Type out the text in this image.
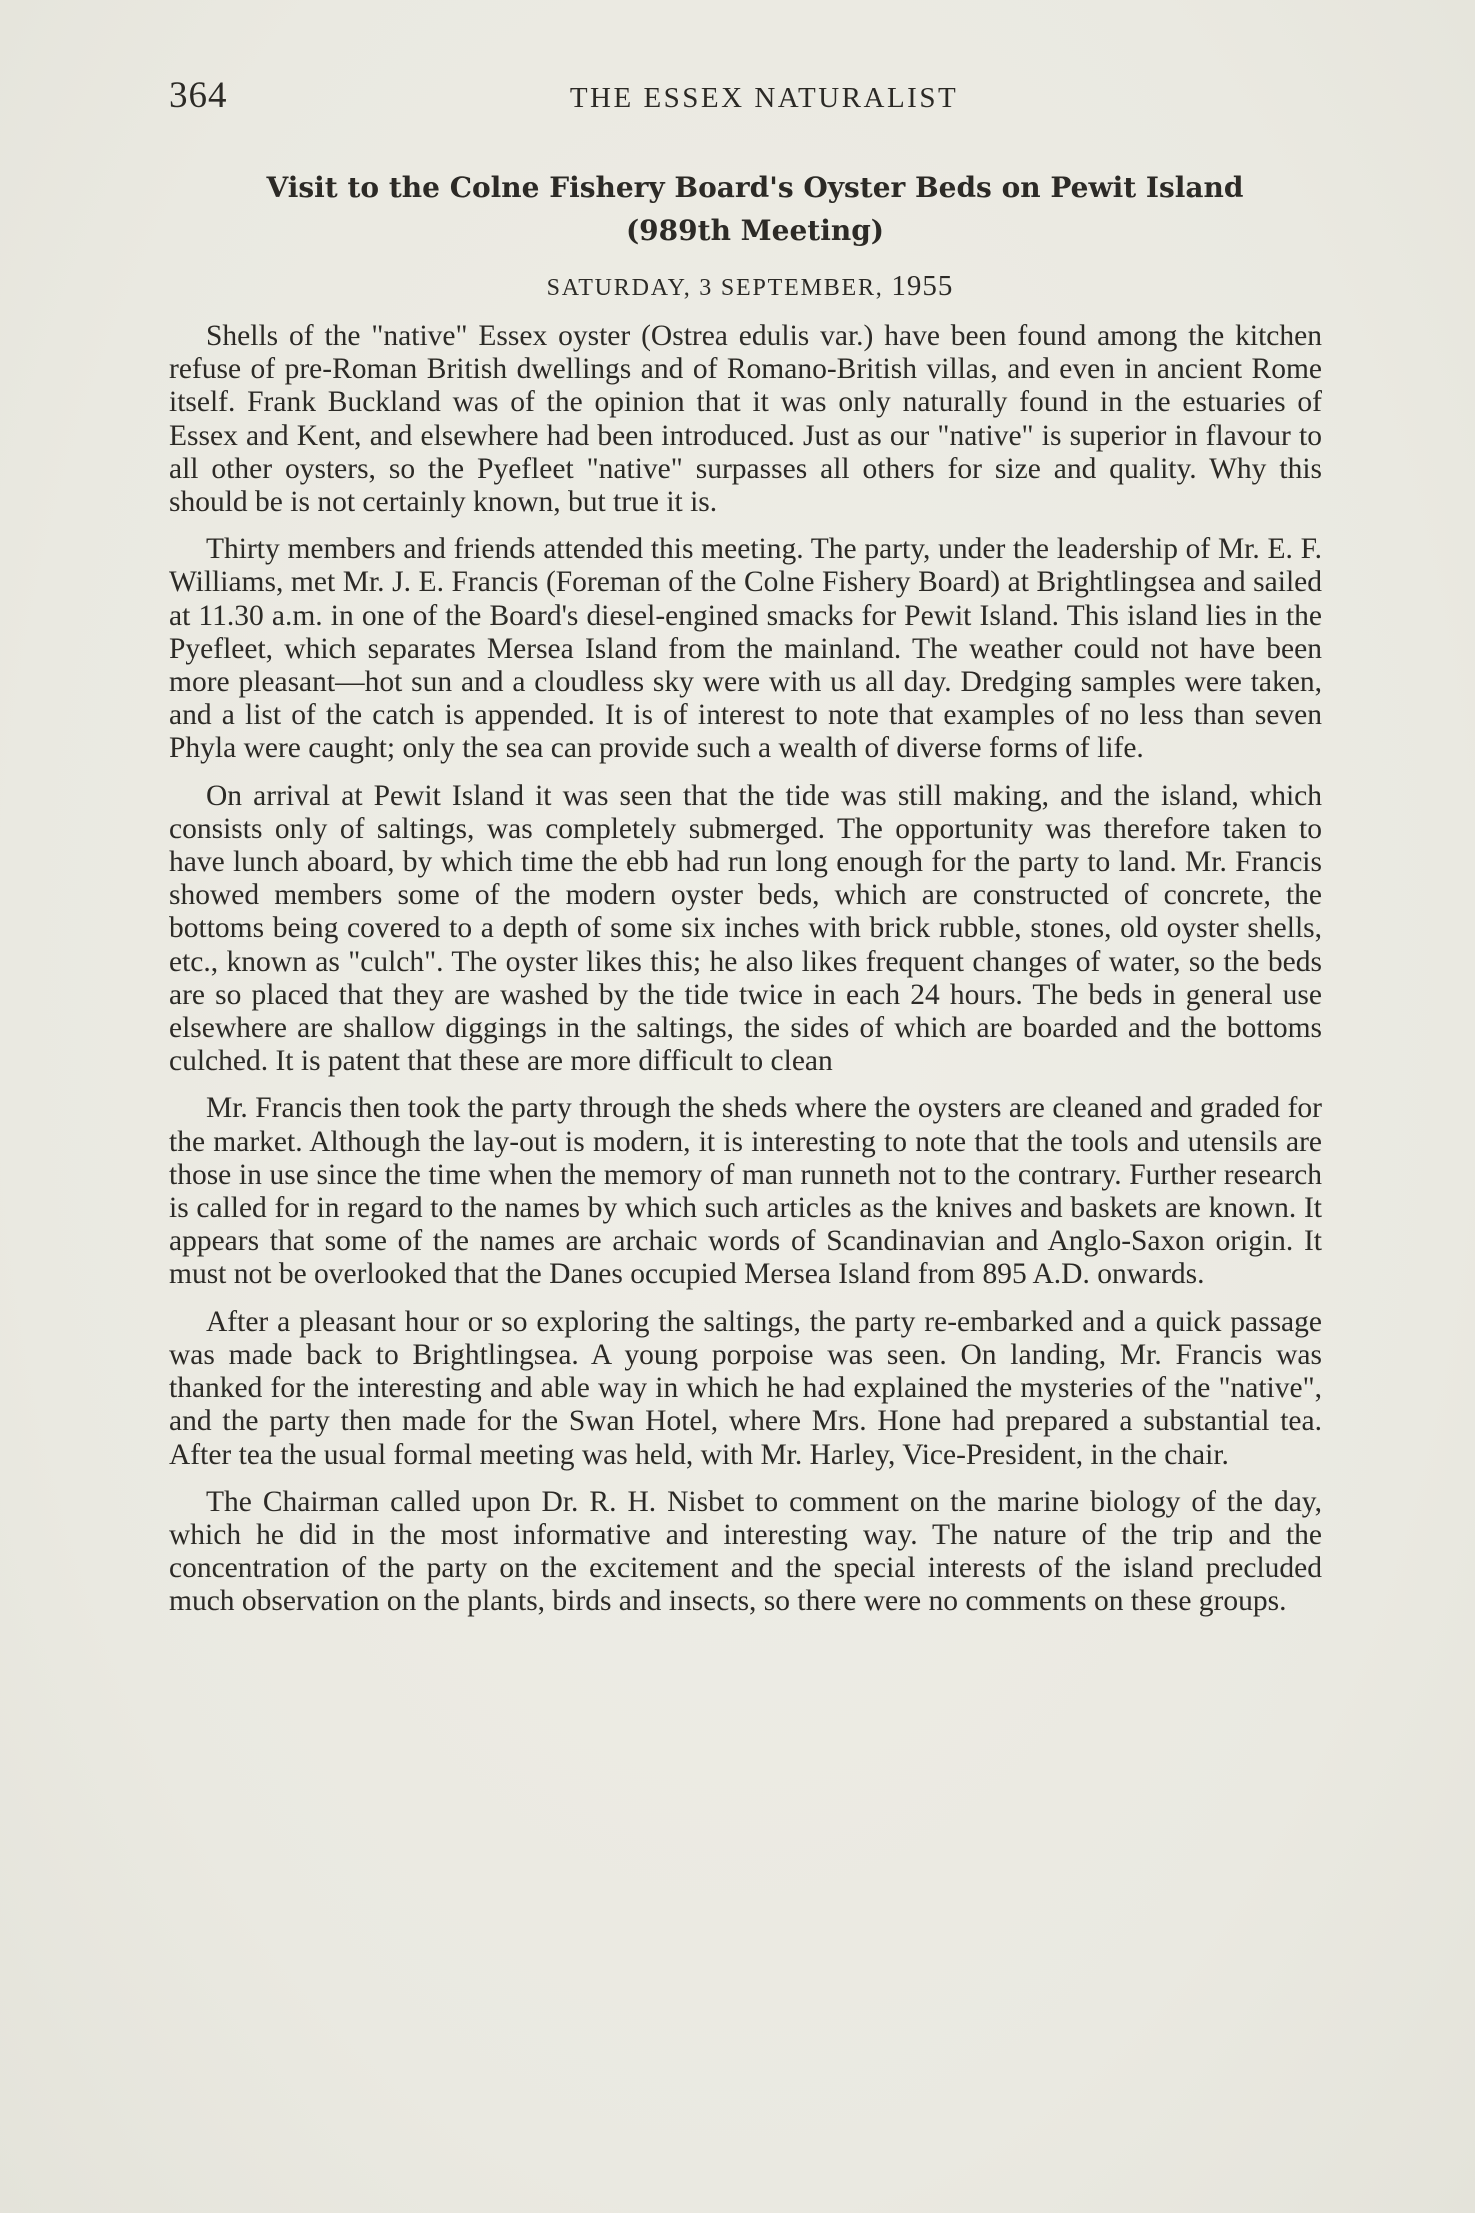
364	THE ESSEX NATURALIST
Visit to the Colne Fishery Board's Oyster Beds on Pewit Island
(989th Meeting)
SATURDAY, 3 SEPTEMBER, 1955

Shells of the "native" Essex oyster (Ostrea edulis var.) have been found among the kitchen refuse of pre-Roman British dwellings and of Romano-British villas, and even in ancient Rome itself. Frank Buckland was of the opinion that it was only naturally found in the estuaries of Essex and Kent, and elsewhere had been introduced. Just as our "native" is superior in flavour to all other oysters, so the Pyefleet "native" surpasses all others for size and quality. Why this should be is not certainly known, but true it is.

Thirty members and friends attended this meeting. The party, under the leadership of Mr. E. F. Williams, met Mr. J. E. Francis (Foreman of the Colne Fishery Board) at Brightlingsea and sailed at 11.30 a.m. in one of the Board's diesel-engined smacks for Pewit Island. This island lies in the Pyefleet, which separates Mersea Island from the mainland. The weather could not have been more pleasant—hot sun and a cloudless sky were with us all day. Dredging samples were taken, and a list of the catch is appended. It is of interest to note that examples of no less than seven Phyla were caught; only the sea can provide such a wealth of diverse forms of life.

On arrival at Pewit Island it was seen that the tide was still making, and the island, which consists only of saltings, was completely submerged. The opportunity was therefore taken to have lunch aboard, by which time the ebb had run long enough for the party to land. Mr. Francis showed members some of the modern oyster beds, which are constructed of concrete, the bottoms being covered to a depth of some six inches with brick rubble, stones, old oyster shells, etc., known as "culch". The oyster likes this; he also likes frequent changes of water, so the beds are so placed that they are washed by the tide twice in each 24 hours. The beds in general use elsewhere are shallow diggings in the saltings, the sides of which are boarded and the bottoms culched. It is patent that these are more difficult to clean

Mr. Francis then took the party through the sheds where the oysters are cleaned and graded for the market. Although the lay-out is modern, it is interesting to note that the tools and utensils are those in use since the time when the memory of man runneth not to the contrary. Further research is called for in regard to the names by which such articles as the knives and baskets are known. It appears that some of the names are archaic words of Scandinavian and Anglo-Saxon origin. It must not be overlooked that the Danes occupied Mersea Island from 895 A.D. onwards.

After a pleasant hour or so exploring the saltings, the party re-embarked and a quick passage was made back to Brightlingsea. A young porpoise was seen. On landing, Mr. Francis was thanked for the interesting and able way in which he had explained the mysteries of the "native", and the party then made for the Swan Hotel, where Mrs. Hone had prepared a substantial tea. After tea the usual formal meeting was held, with Mr. Harley, Vice-President, in the chair.

The Chairman called upon Dr. R. H. Nisbet to comment on the marine biology of the day, which he did in the most informative and interesting way. The nature of the trip and the concentration of the party on the excitement and the special interests of the island precluded much observation on the plants, birds and insects, so there were no comments on these groups.
